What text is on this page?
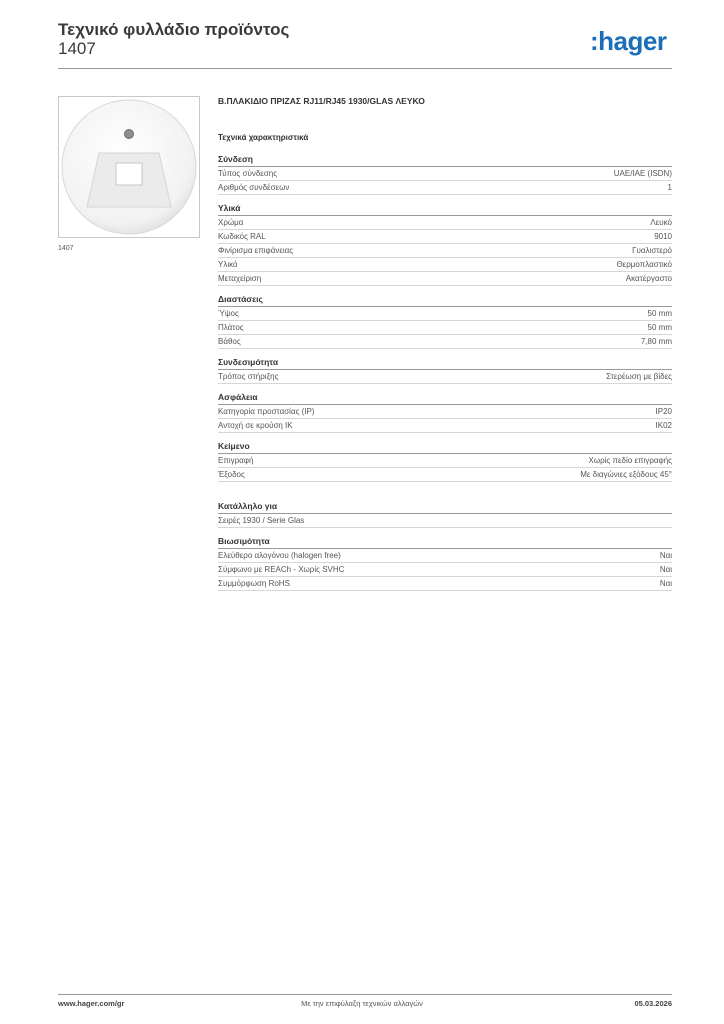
Τεχνικό φυλλάδιο προϊόντος
1407	:hager
1407
Β.ΠΛΑΚΙΔΙΟ ΠΡΙΖΑΣ RJ11/RJ45 1930/GLAS ΛΕΥΚΟ
Τεχνικά χαρακτηριστικά
Σύνδεση
Τύπος σύνδεσης	UAE/IAE (ISDN)
Αριθμός συνδέσεων	1
Υλικά
Χρώμα	Λευκό
Κωδικός RAL	9010
Φινίρισμα επιφάνειας	Γυαλιστερό
Υλικό	Θερμοπλαστικό
Μεταχείριση	Ακατέργαστο
Διαστάσεις
Ύψος	50 mm
Πλάτος	50 mm
Βάθος	7,80 mm
Συνδεσιμότητα
Τρόπος στήριξης	Στερέωση με βίδες
Ασφάλεια
Κατηγορία προστασίας (IP)	IP20
Αντοχή σε κρούση IK	IK02
Κείμενο
Επιγραφή	Χωρίς πεδίο επιγραφής
Έξοδος	Με διαγώνιες εξόδους 45°
Κατάλληλο για
Σειρές 1930 / Serie Glas
Βιωσιμότητα
Ελεύθερο αλογόνου (halogen free)	Ναι
Σύμφωνο με REACh - Χωρίς SVHC	Ναι
Συμμόρφωση RoHS	Ναι
www.hager.com/gr	Με την επιφύλαξη τεχνικών αλλαγών	05.03.2026
